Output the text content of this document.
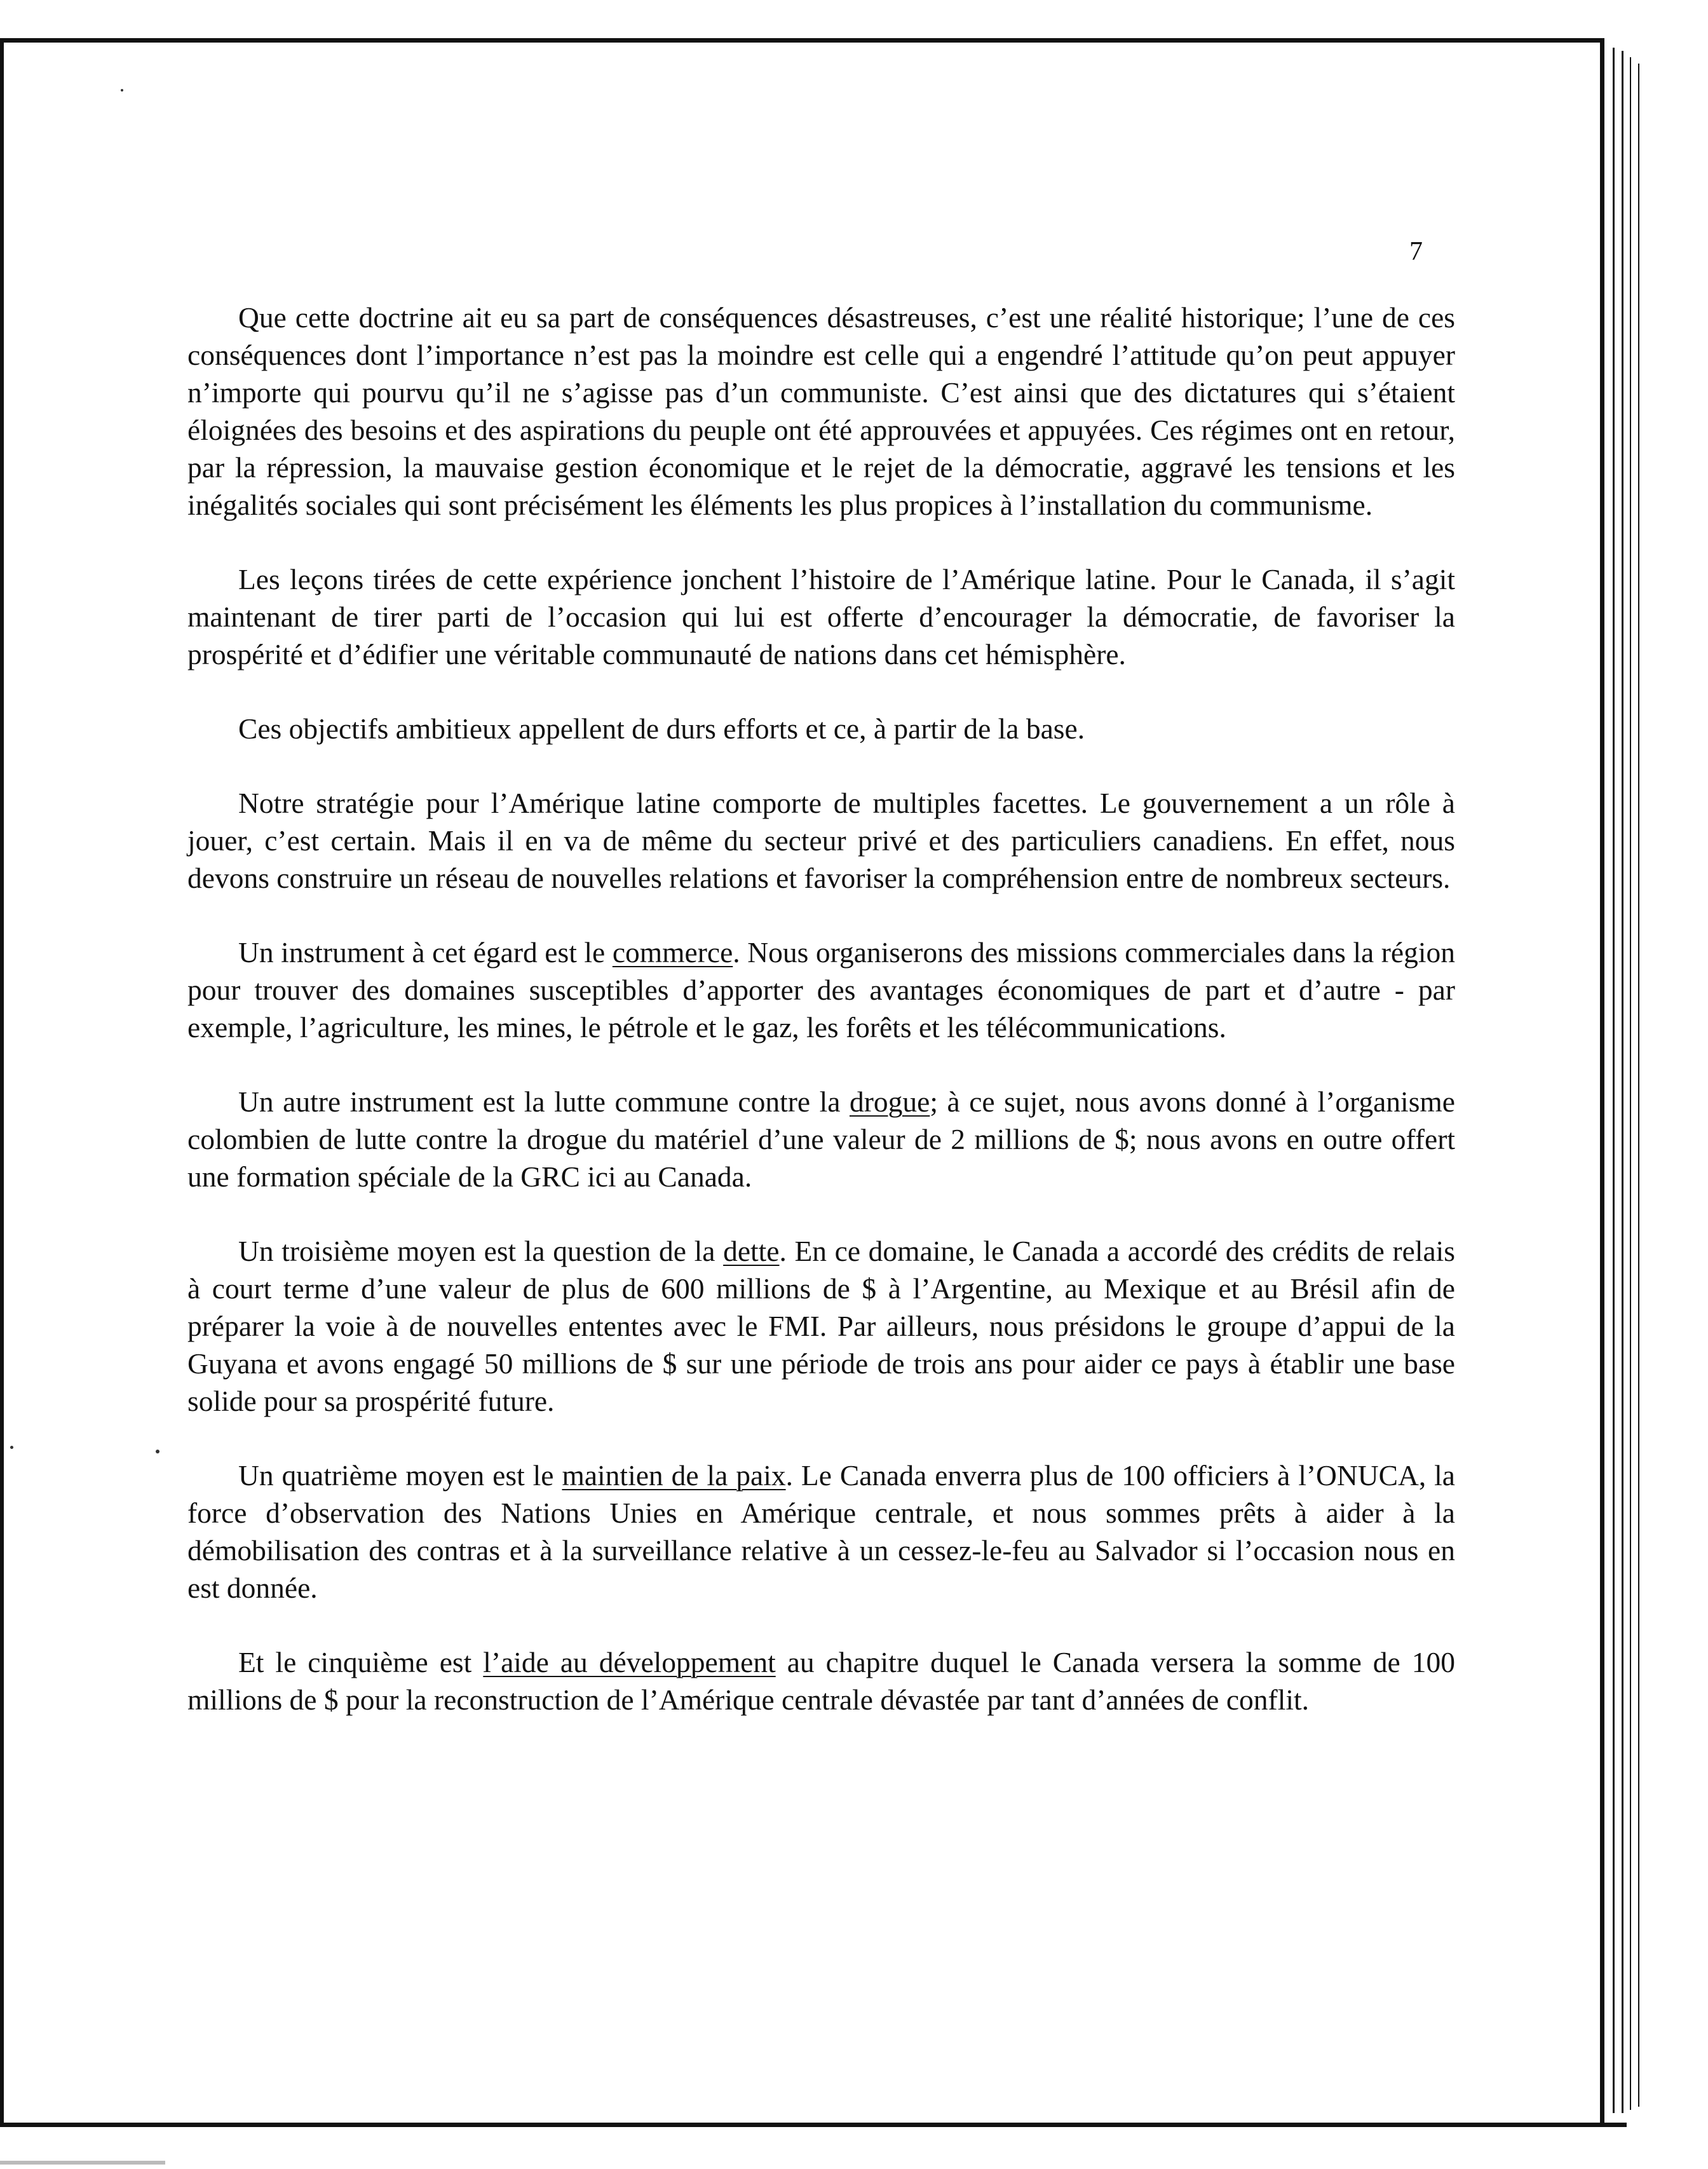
7

Que cette doctrine ait eu sa part de conséquences désastreuses, c’est une réalité historique; l’une de ces conséquences dont l’importance n’est pas la moindre est celle qui a engendré l’attitude qu’on peut appuyer n’importe qui pourvu qu’il ne s’agisse pas d’un communiste. C’est ainsi que des dictatures qui s’étaient éloignées des besoins et des aspirations du peuple ont été approuvées et appuyées. Ces régimes ont en retour, par la répression, la mauvaise gestion économique et le rejet de la démocratie, aggravé les tensions et les inégalités sociales qui sont précisément les éléments les plus propices à l’installation du communisme.

Les leçons tirées de cette expérience jonchent l’histoire de l’Amérique latine. Pour le Canada, il s’agit maintenant de tirer parti de l’occasion qui lui est offerte d’encourager la démocratie, de favoriser la prospérité et d’édifier une véritable communauté de nations dans cet hémisphère.

Ces objectifs ambitieux appellent de durs efforts et ce, à partir de la base.

Notre stratégie pour l’Amérique latine comporte de multiples facettes. Le gouvernement a un rôle à jouer, c’est certain. Mais il en va de même du secteur privé et des particuliers canadiens. En effet, nous devons construire un réseau de nouvelles relations et favoriser la compréhension entre de nombreux secteurs.

Un instrument à cet égard est le commerce. Nous organiserons des missions commerciales dans la région pour trouver des domaines susceptibles d’apporter des avantages économiques de part et d’autre - par exemple, l’agriculture, les mines, le pétrole et le gaz, les forêts et les télécommunications.

Un autre instrument est la lutte commune contre la drogue; à ce sujet, nous avons donné à l’organisme colombien de lutte contre la drogue du matériel d’une valeur de 2 millions de $; nous avons en outre offert une formation spéciale de la GRC ici au Canada.

Un troisième moyen est la question de la dette. En ce domaine, le Canada a accordé des crédits de relais à court terme d’une valeur de plus de 600 millions de $ à l’Argentine, au Mexique et au Brésil afin de préparer la voie à de nouvelles ententes avec le FMI. Par ailleurs, nous présidons le groupe d’appui de la Guyana et avons engagé 50 millions de $ sur une période de trois ans pour aider ce pays à établir une base solide pour sa prospérité future.

Un quatrième moyen est le maintien de la paix. Le Canada enverra plus de 100 officiers à l’ONUCA, la force d’observation des Nations Unies en Amérique centrale, et nous sommes prêts à aider à la démobilisation des contras et à la surveillance relative à un cessez-le-feu au Salvador si l’occasion nous en est donnée.

Et le cinquième est l’aide au développement au chapitre duquel le Canada versera la somme de 100 millions de $ pour la reconstruction de l’Amérique centrale dévastée par tant d’années de conflit.
